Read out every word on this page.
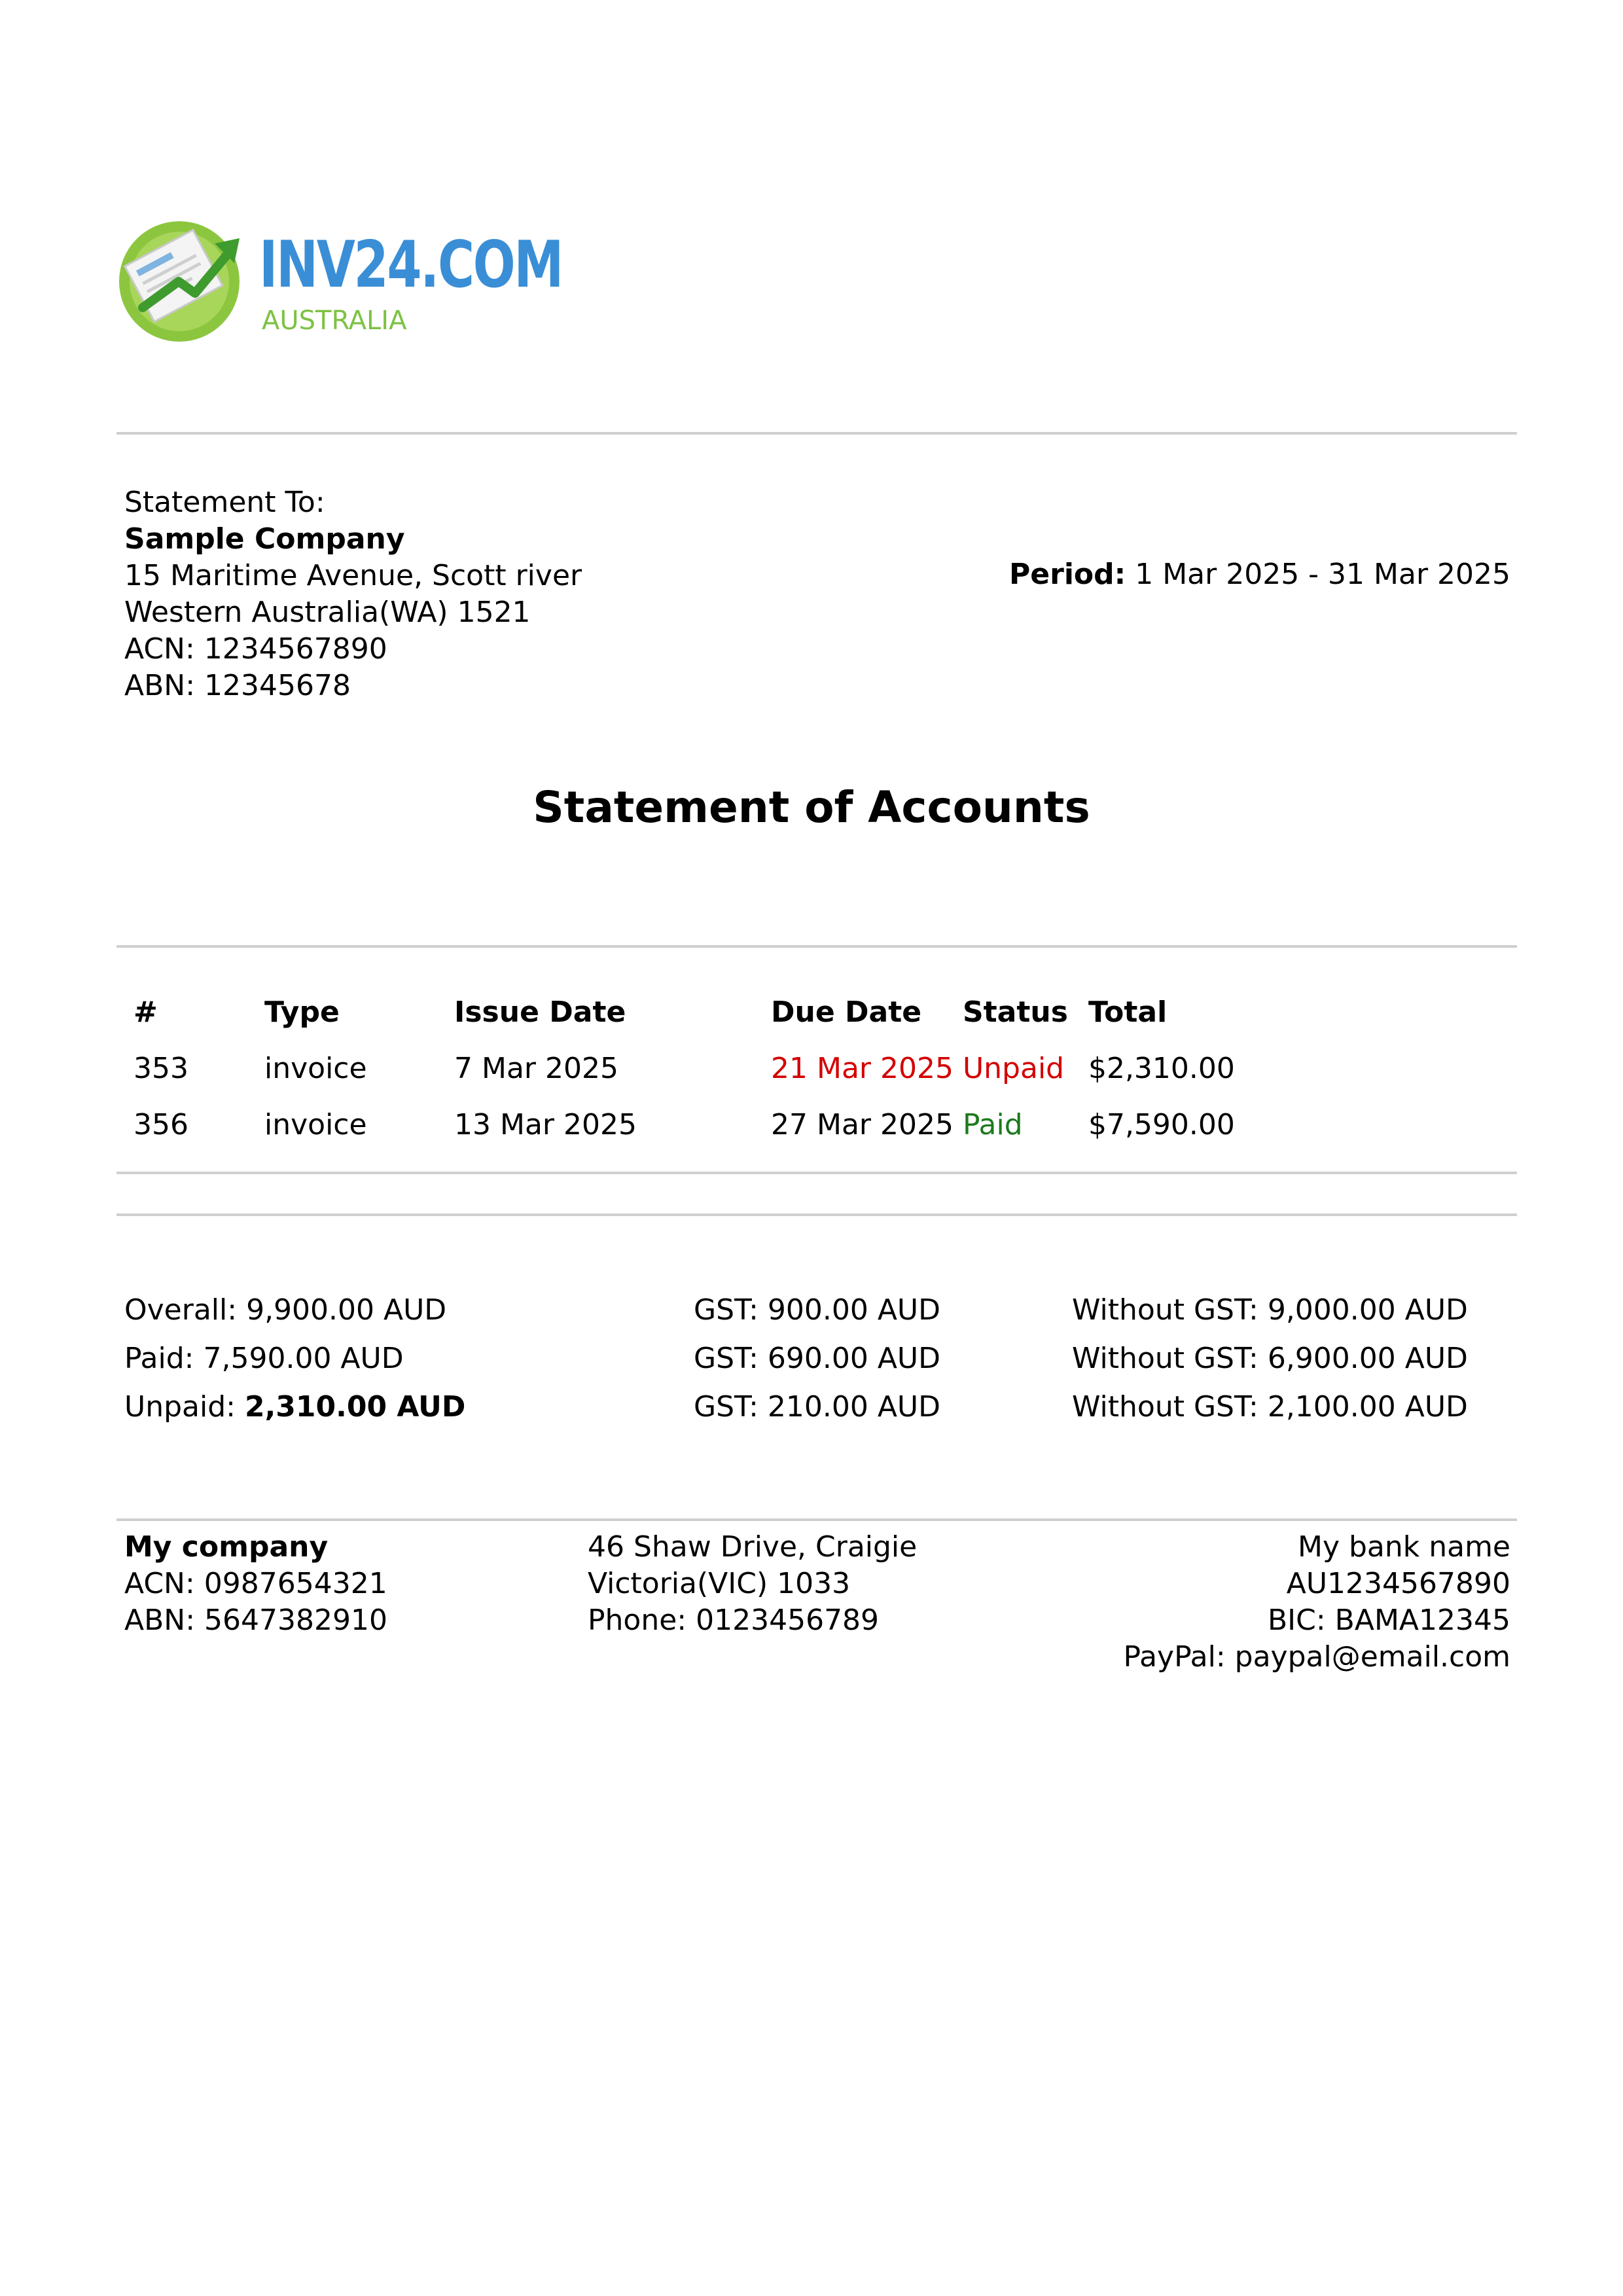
INV24.COM
AUSTRALIA
Statement To:
Sample Company
15 Maritime Avenue, Scott river
Western Australia(WA) 1521
ACN: 1234567890
ABN: 12345678
Period: 1 Mar 2025 - 31 Mar 2025
Statement of Accounts
#	Type	Issue Date	Due Date	Status	Total
353	invoice	7 Mar 2025	21 Mar 2025	Unpaid	$2,310.00
356	invoice	13 Mar 2025	27 Mar 2025	Paid	$7,590.00
Overall: 9,900.00 AUD	GST: 900.00 AUD	Without GST: 9,000.00 AUD
Paid: 7,590.00 AUD	GST: 690.00 AUD	Without GST: 6,900.00 AUD
Unpaid: 2,310.00 AUD	GST: 210.00 AUD	Without GST: 2,100.00 AUD
My company
ACN: 0987654321
ABN: 5647382910
46 Shaw Drive, Craigie
Victoria(VIC) 1033
Phone: 0123456789
My bank name
AU1234567890
BIC: BAMA12345
PayPal: paypal@email.com
